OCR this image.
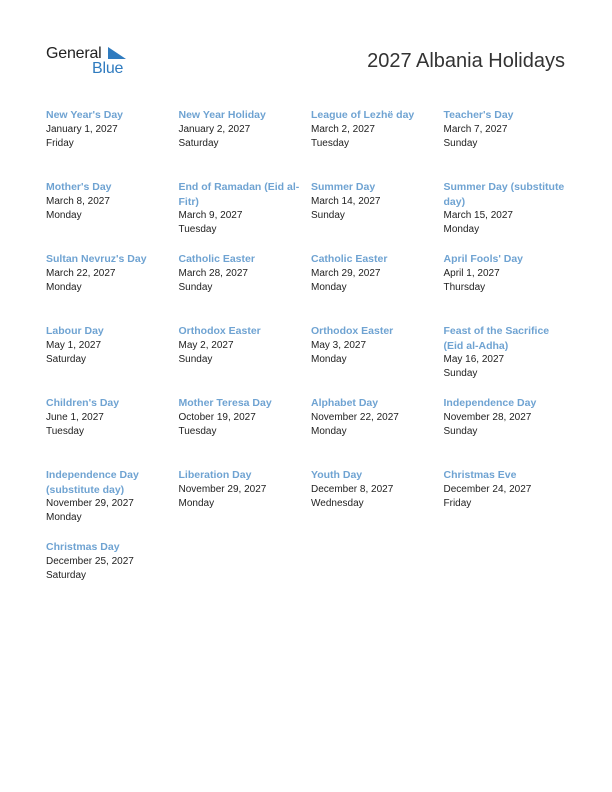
General
Blue	2027 Albania Holidays
New Year's Day
January 1, 2027
Friday
New Year Holiday
January 2, 2027
Saturday
League of Lezhë day
March 2, 2027
Tuesday
Teacher's Day
March 7, 2027
Sunday
Mother's Day
March 8, 2027
Monday
End of Ramadan (Eid al-Fitr)
March 9, 2027
Tuesday
Summer Day
March 14, 2027
Sunday
Summer Day (substitute day)
March 15, 2027
Monday
Sultan Nevruz's Day
March 22, 2027
Monday
Catholic Easter
March 28, 2027
Sunday
Catholic Easter
March 29, 2027
Monday
April Fools' Day
April 1, 2027
Thursday
Labour Day
May 1, 2027
Saturday
Orthodox Easter
May 2, 2027
Sunday
Orthodox Easter
May 3, 2027
Monday
Feast of the Sacrifice (Eid al-Adha)
May 16, 2027
Sunday
Children's Day
June 1, 2027
Tuesday
Mother Teresa Day
October 19, 2027
Tuesday
Alphabet Day
November 22, 2027
Monday
Independence Day
November 28, 2027
Sunday
Independence Day (substitute day)
November 29, 2027
Monday
Liberation Day
November 29, 2027
Monday
Youth Day
December 8, 2027
Wednesday
Christmas Eve
December 24, 2027
Friday
Christmas Day
December 25, 2027
Saturday
